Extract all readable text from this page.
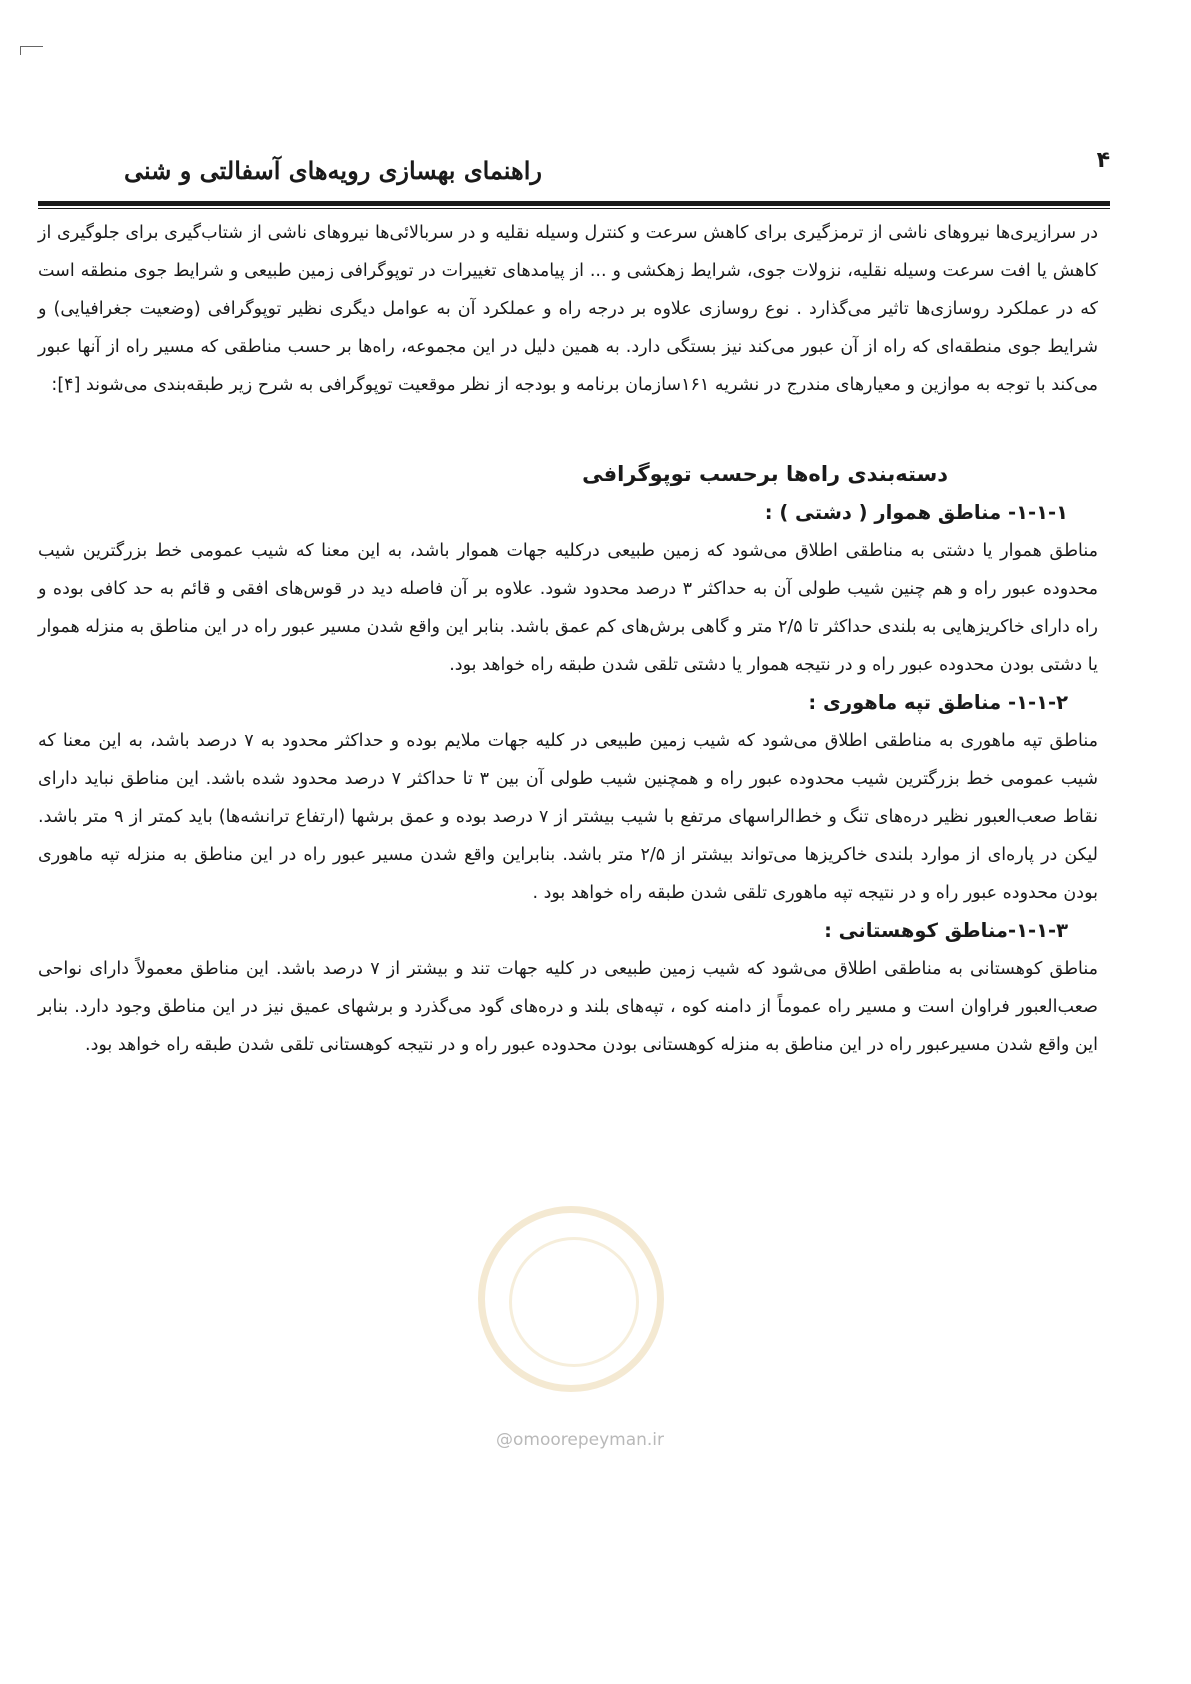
۴
راهنمای بهسازی رویه‌های آسفالتی و شنی

در سرازیری‌ها نیروهای ناشی از ترمزگیری برای کاهش سرعت و کنترل وسیله نقلیه و در سربالائی‌ها نیروهای ناشی از شتاب‌گیری برای جلوگیری از کاهش یا افت سرعت وسیله نقلیه، نزولات جوی، شرایط زهکشی و ... از پیامدهای تغییرات در توپوگرافی زمین طبیعی و شرایط جوی منطقه است که در عملکرد روسازی‌ها تاثیر می‌گذارد . نوع روسازی علاوه بر درجه راه و عملکرد آن به عوامل دیگری نظیر توپوگرافی (وضعیت جغرافیایی) و شرایط جوی منطقه‌ای که راه از آن عبور می‌کند نیز بستگی دارد. به همین دلیل در این مجموعه، راه‌ها بر حسب مناطقی که مسیر راه از آنها عبور می‌کند با توجه به موازین و معیارهای مندرج در نشریه ۱۶۱سازمان برنامه و بودجه از نظر موقعیت توپوگرافی به شرح زیر طبقه‌بندی می‌شوند [۴]:

دسته‌بندی راه‌ها برحسب توپوگرافی
۱-۱-۱- مناطق هموار ( دشتی ) :

مناطق هموار یا دشتی به مناطقی اطلاق می‌شود که زمین طبیعی درکلیه جهات هموار باشد، به این معنا که شیب عمومی خط بزرگترین شیب محدوده عبور راه و هم چنین شیب طولی آن به حداکثر ۳ درصد محدود شود. علاوه بر آن فاصله دید در قوس‌های افقی و قائم به حد کافی بوده و راه دارای خاکریزهایی به بلندی حداکثر تا ۲/۵ متر و گاهی برش‌های کم عمق باشد. بنابر این واقع شدن مسیر عبور راه در این مناطق به منزله هموار یا دشتی بودن محدوده عبور راه و در نتیجه هموار یا دشتی تلقی شدن طبقه راه خواهد بود.

۱-۱-۲- مناطق تپه ماهوری :

مناطق تپه ماهوری به مناطقی اطلاق می‌شود که شیب زمین طبیعی در کلیه جهات ملایم بوده و حداکثر محدود به ۷ درصد باشد، به این معنا که شیب عمومی خط بزرگترین شیب محدوده عبور راه و همچنین شیب طولی آن بین ۳ تا حداکثر ۷ درصد محدود شده باشد. این مناطق نباید دارای نقاط صعب‌العبور نظیر دره‌های تنگ و خط‌الراسهای مرتفع با شیب بیشتر از ۷ درصد بوده و عمق برشها (ارتفاع ترانشه‌ها) باید کمتر از ۹ متر باشد. لیکن در پاره‌ای از موارد بلندی خاکریزها می‌تواند بیشتر از ۲/۵ متر باشد. بنابراین واقع شدن مسیر عبور راه در این مناطق به منزله تپه ماهوری بودن محدوده عبور راه و در نتیجه تپه ماهوری تلقی شدن طبقه راه خواهد بود .

۱-۱-۳-مناطق کوهستانی :

مناطق کوهستانی به مناطقی اطلاق می‌شود که شیب زمین طبیعی در کلیه جهات تند و بیشتر از ۷ درصد باشد. این مناطق معمولاً دارای نواحی صعب‌العبور فراوان است و مسیر راه عموماً از دامنه کوه ، تپه‌های بلند و دره‌های گود می‌گذرد و برشهای عمیق نیز در این مناطق وجود دارد. بنابر این واقع شدن مسیرعبور راه در این مناطق به منزله کوهستانی بودن محدوده عبور راه و در نتیجه کوهستانی تلقی شدن طبقه راه خواهد بود.

@omoorepeyman.ir
